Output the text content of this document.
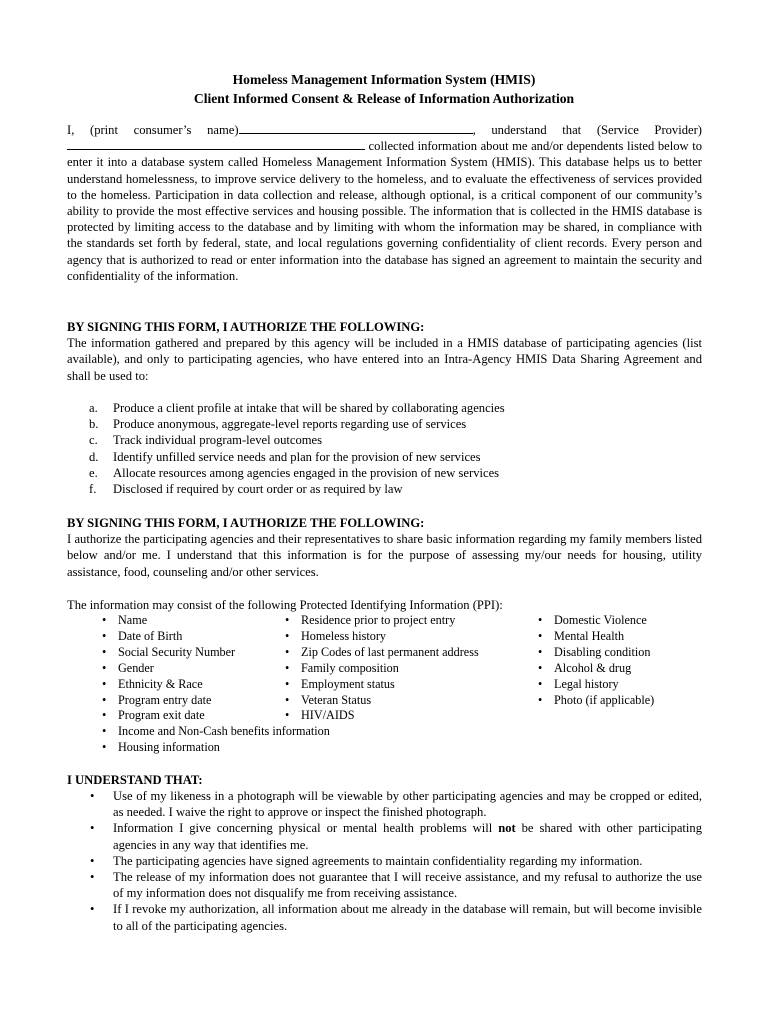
Homeless Management Information System (HMIS)
Client Informed Consent & Release of Information Authorization
I, (print consumer’s name)	, understand that (Service Provider)  collected information about me and/or dependents listed below to enter it into a database system called Homeless Management Information System (HMIS). This database helps us to better understand homelessness, to improve service delivery to the homeless, and to evaluate the effectiveness of services provided to the homeless. Participation in data collection and release, although optional, is a critical component of our community’s ability to provide the most effective services and housing possible. The information that is collected in the HMIS database is protected by limiting access to the database and by limiting with whom the information may be shared, in compliance with the standards set forth by federal, state, and local regulations governing confidentiality of client records. Every person and agency that is authorized to read or enter information into the database has signed an agreement to maintain the security and confidentiality of the information.
BY SIGNING THIS FORM, I AUTHORIZE THE FOLLOWING:
The information gathered and prepared by this agency will be included in a HMIS database of participating agencies (list available), and only to participating agencies, who have entered into an Intra-Agency HMIS Data Sharing Agreement and shall be used to:
a. Produce a client profile at intake that will be shared by collaborating agencies
b. Produce anonymous, aggregate-level reports regarding use of services
c. Track individual program-level outcomes
d. Identify unfilled service needs and plan for the provision of new services
e. Allocate resources among agencies engaged in the provision of new services
f. Disclosed if required by court order or as required by law
BY SIGNING THIS FORM, I AUTHORIZE THE FOLLOWING:
I authorize the participating agencies and their representatives to share basic information regarding my family members listed below and/or me. I understand that this information is for the purpose of assessing my/our needs for housing, utility assistance, food, counseling and/or other services.
The information may consist of the following Protected Identifying Information (PPI):
• Name
• Date of Birth
• Social Security Number
• Gender
• Ethnicity & Race
• Program entry date
• Program exit date
• Income and Non-Cash benefits information
• Housing information
• Residence prior to project entry
• Homeless history
• Zip Codes of last permanent address
• Family composition
• Employment status
• Veteran Status
• HIV/AIDS
• Domestic Violence
• Mental Health
• Disabling condition
• Alcohol & drug
• Legal history
• Photo (if applicable)
I UNDERSTAND THAT:
• Use of my likeness in a photograph will be viewable by other participating agencies and may be cropped or edited, as needed. I waive the right to approve or inspect the finished photograph.
• Information I give concerning physical or mental health problems will not be shared with other participating agencies in any way that identifies me.
• The participating agencies have signed agreements to maintain confidentiality regarding my information.
• The release of my information does not guarantee that I will receive assistance, and my refusal to authorize the use of my information does not disqualify me from receiving assistance.
• If I revoke my authorization, all information about me already in the database will remain, but will become invisible to all of the participating agencies.
